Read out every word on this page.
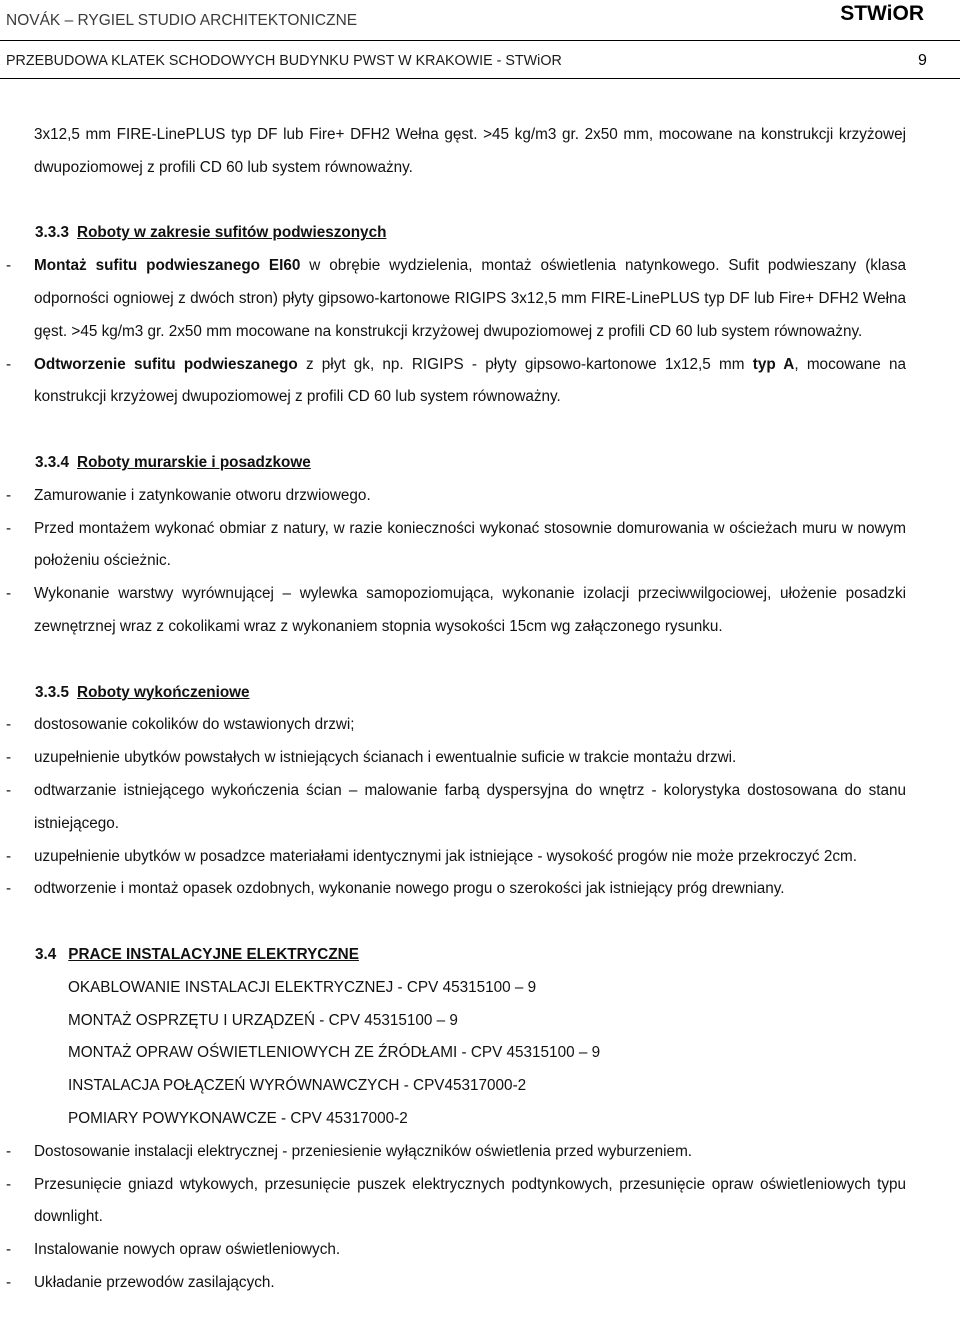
NOVÁK – RYGIEL STUDIO ARCHITEKTONICZNE	STWiOR
PRZEBUDOWA KLATEK SCHODOWYCH BUDYNKU PWST W KRAKOWIE - STWiOR	9

3x12,5 mm FIRE-LinePLUS typ DF lub Fire+ DFH2 Wełna gęst. >45 kg/m3 gr. 2x50 mm, mocowane na konstrukcji krzyżowej

dwupoziomowej z profili CD 60 lub system równoważny.

3.3.3 Roboty w zakresie sufitów podwieszonych

-	Montaż sufitu podwieszanego EI60 w obrębie wydzielenia, montaż oświetlenia natynkowego. Sufit podwieszany (klasa odporności ogniowej z dwóch stron) płyty gipsowo-kartonowe RIGIPS 3x12,5 mm FIRE-LinePLUS typ DF lub Fire+ DFH2 Wełna gęst. >45 kg/m3 gr. 2x50 mm mocowane na konstrukcji krzyżowej dwupoziomowej z profili CD 60 lub system równoważny.

-	Odtworzenie sufitu podwieszanego z płyt gk, np. RIGIPS - płyty gipsowo-kartonowe 1x12,5 mm typ A, mocowane na konstrukcji krzyżowej dwupoziomowej z profili CD 60 lub system równoważny.

3.3.4 Roboty murarskie i posadzkowe

-	Zamurowanie i zatynkowanie otworu drzwiowego.

-	Przed montażem wykonać obmiar z natury, w razie konieczności wykonać stosownie domurowania w ościeżach muru w nowym położeniu ościeżnic.

-	Wykonanie warstwy wyrównującej – wylewka samopoziomująca, wykonanie izolacji przeciwwilgociowej, ułożenie posadzki zewnętrznej wraz z cokolikami wraz z wykonaniem stopnia wysokości 15cm wg załączonego rysunku.

3.3.5 Roboty wykończeniowe

-	dostosowanie cokolików do wstawionych drzwi;

-	uzupełnienie ubytków powstałych w istniejących ścianach i ewentualnie suficie w trakcie montażu drzwi.

-	odtwarzanie istniejącego wykończenia ścian – malowanie farbą dyspersyjna do wnętrz - kolorystyka dostosowana do stanu istniejącego.

-	uzupełnienie ubytków w posadzce materiałami identycznymi jak istniejące - wysokość progów nie może przekroczyć 2cm.

-	odtworzenie i montaż opasek ozdobnych, wykonanie nowego progu o szerokości jak istniejący próg drewniany.

3.4 PRACE INSTALACYJNE ELEKTRYCZNE

OKABLOWANIE INSTALACJI ELEKTRYCZNEJ - CPV 45315100 – 9

MONTAŻ OSPRZĘTU I URZĄDZEŃ - CPV 45315100 – 9

MONTAŻ OPRAW OŚWIETLENIOWYCH ZE ŹRÓDŁAMI - CPV 45315100 – 9

INSTALACJA POŁĄCZEŃ WYRÓWNAWCZYCH - CPV45317000-2

POMIARY POWYKONAWCZE - CPV 45317000-2

-	Dostosowanie instalacji elektrycznej - przeniesienie wyłączników oświetlenia przed wyburzeniem.

-	Przesunięcie gniazd wtykowych, przesunięcie puszek elektrycznych podtynkowych, przesunięcie opraw oświetleniowych typu downlight.

-	Instalowanie nowych opraw oświetleniowych.

-	Układanie przewodów zasilających.
